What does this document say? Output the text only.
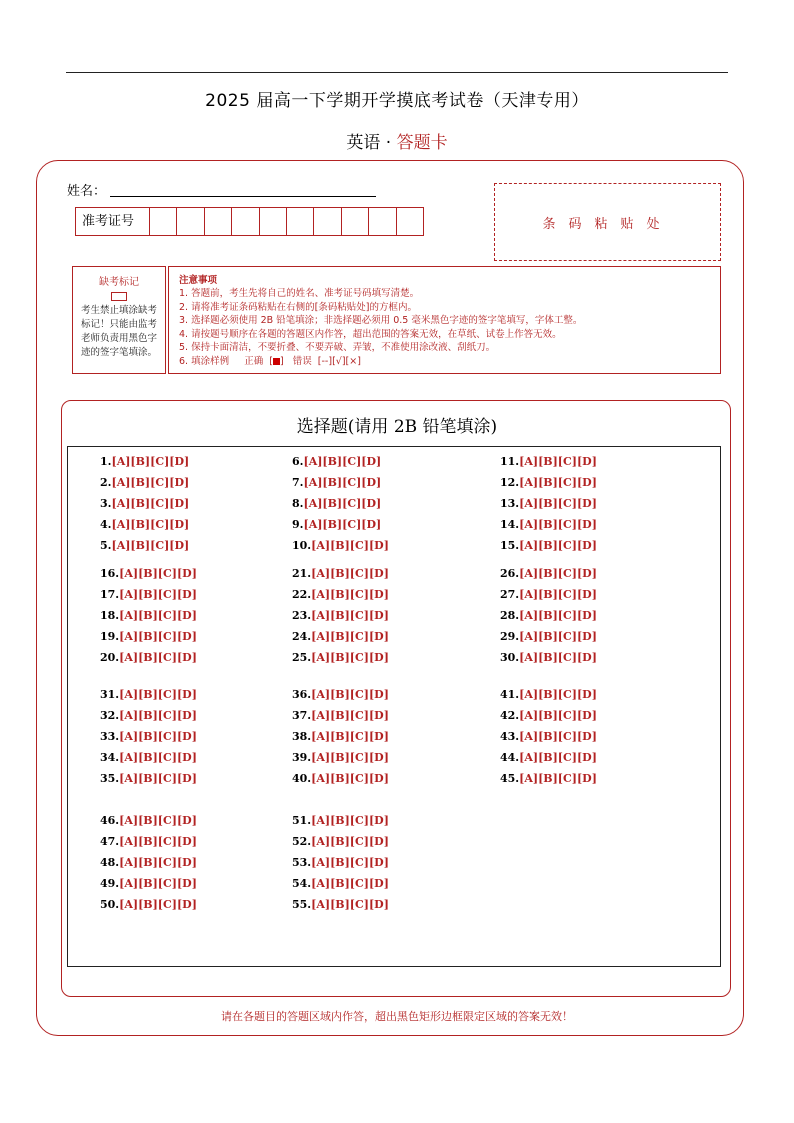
2025 届高一下学期开学摸底考试卷（天津专用）
英语 · 答题卡
姓名：
准考证号	条码粘贴处
缺考标记
考生禁止填涂缺考标记！只能由监考老师负责用黑色字迹的签字笔填涂。
注意事项
1. 答题前，考生先将自己的姓名、准考证号码填写清楚。
2. 请将准考证条码粘贴在右侧的[条码粘贴处]的方框内。
3. 选择题必须使用 2B 铅笔填涂；非选择题必须用 0.5 毫米黑色字迹的签字笔填写，字体工整。
4. 请按题号顺序在各题的答题区内作答，超出范围的答案无效，在草纸、试卷上作答无效。
5. 保持卡面清洁，不要折叠、不要弄破、弄皱，不准使用涂改液、刮纸刀。
6. 填涂样例 正确  [ ]   错误 [--][√][×]
选择题(请用 2B 铅笔填涂)
1.[A][B][C][D]
2.[A][B][C][D]
3.[A][B][C][D]
4.[A][B][C][D]
5.[A][B][C][D]
6.[A][B][C][D]
7.[A][B][C][D]
8.[A][B][C][D]
9.[A][B][C][D]
10.[A][B][C][D]
11.[A][B][C][D]
12.[A][B][C][D]
13.[A][B][C][D]
14.[A][B][C][D]
15.[A][B][C][D]
16.[A][B][C][D]
17.[A][B][C][D]
18.[A][B][C][D]
19.[A][B][C][D]
20.[A][B][C][D]
21.[A][B][C][D]
22.[A][B][C][D]
23.[A][B][C][D]
24.[A][B][C][D]
25.[A][B][C][D]
26.[A][B][C][D]
27.[A][B][C][D]
28.[A][B][C][D]
29.[A][B][C][D]
30.[A][B][C][D]
31.[A][B][C][D]
32.[A][B][C][D]
33.[A][B][C][D]
34.[A][B][C][D]
35.[A][B][C][D]
36.[A][B][C][D]
37.[A][B][C][D]
38.[A][B][C][D]
39.[A][B][C][D]
40.[A][B][C][D]
41.[A][B][C][D]
42.[A][B][C][D]
43.[A][B][C][D]
44.[A][B][C][D]
45.[A][B][C][D]
46.[A][B][C][D]
47.[A][B][C][D]
48.[A][B][C][D]
49.[A][B][C][D]
50.[A][B][C][D]
51.[A][B][C][D]
52.[A][B][C][D]
53.[A][B][C][D]
54.[A][B][C][D]
55.[A][B][C][D]
请在各题目的答题区域内作答，超出黑色矩形边框限定区域的答案无效！
